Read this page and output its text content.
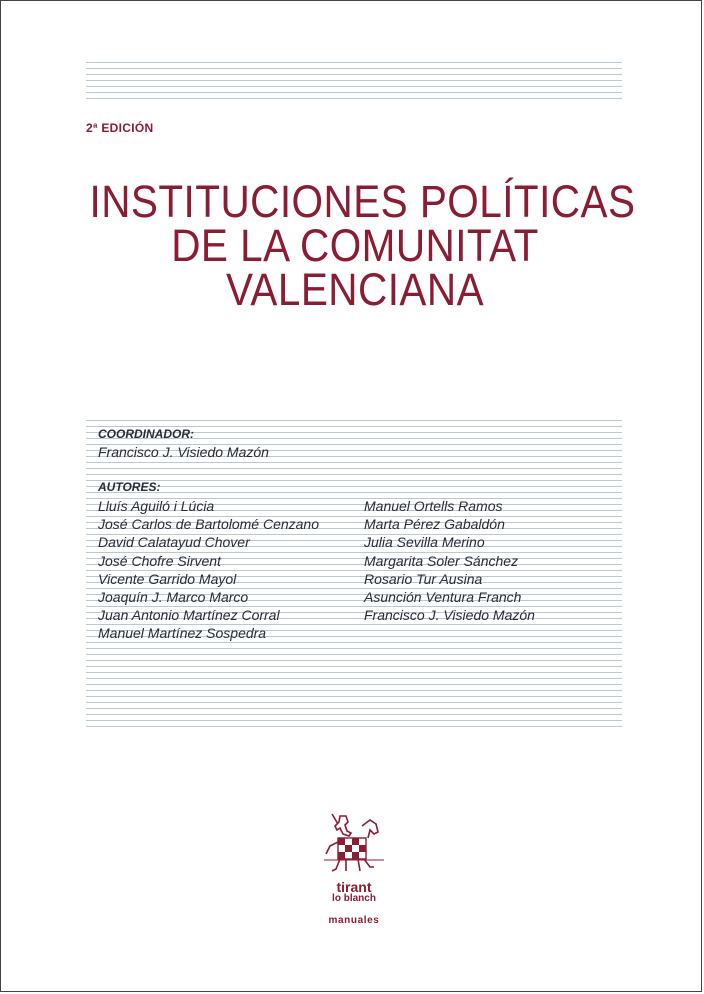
2ª EDICIÓN
INSTITUCIONES POLÍTICAS
DE LA COMUNITAT
VALENCIANA
COORDINADOR:
Francisco J. Visiedo Mazón
AUTORES:
Lluís Aguiló i Lúcia
José Carlos de Bartolomé Cenzano
David Calatayud Chover
José Chofre Sirvent
Vicente Garrido Mayol
Joaquín J. Marco Marco
Juan Antonio Martínez Corral
Manuel Martínez Sospedra
Manuel Ortells Ramos
Marta Pérez Gabaldón
Julia Sevilla Merino
Margarita Soler Sánchez
Rosario Tur Ausina
Asunción Ventura Franch
Francisco J. Visiedo Mazón
tirant
lo blanch
manuales
